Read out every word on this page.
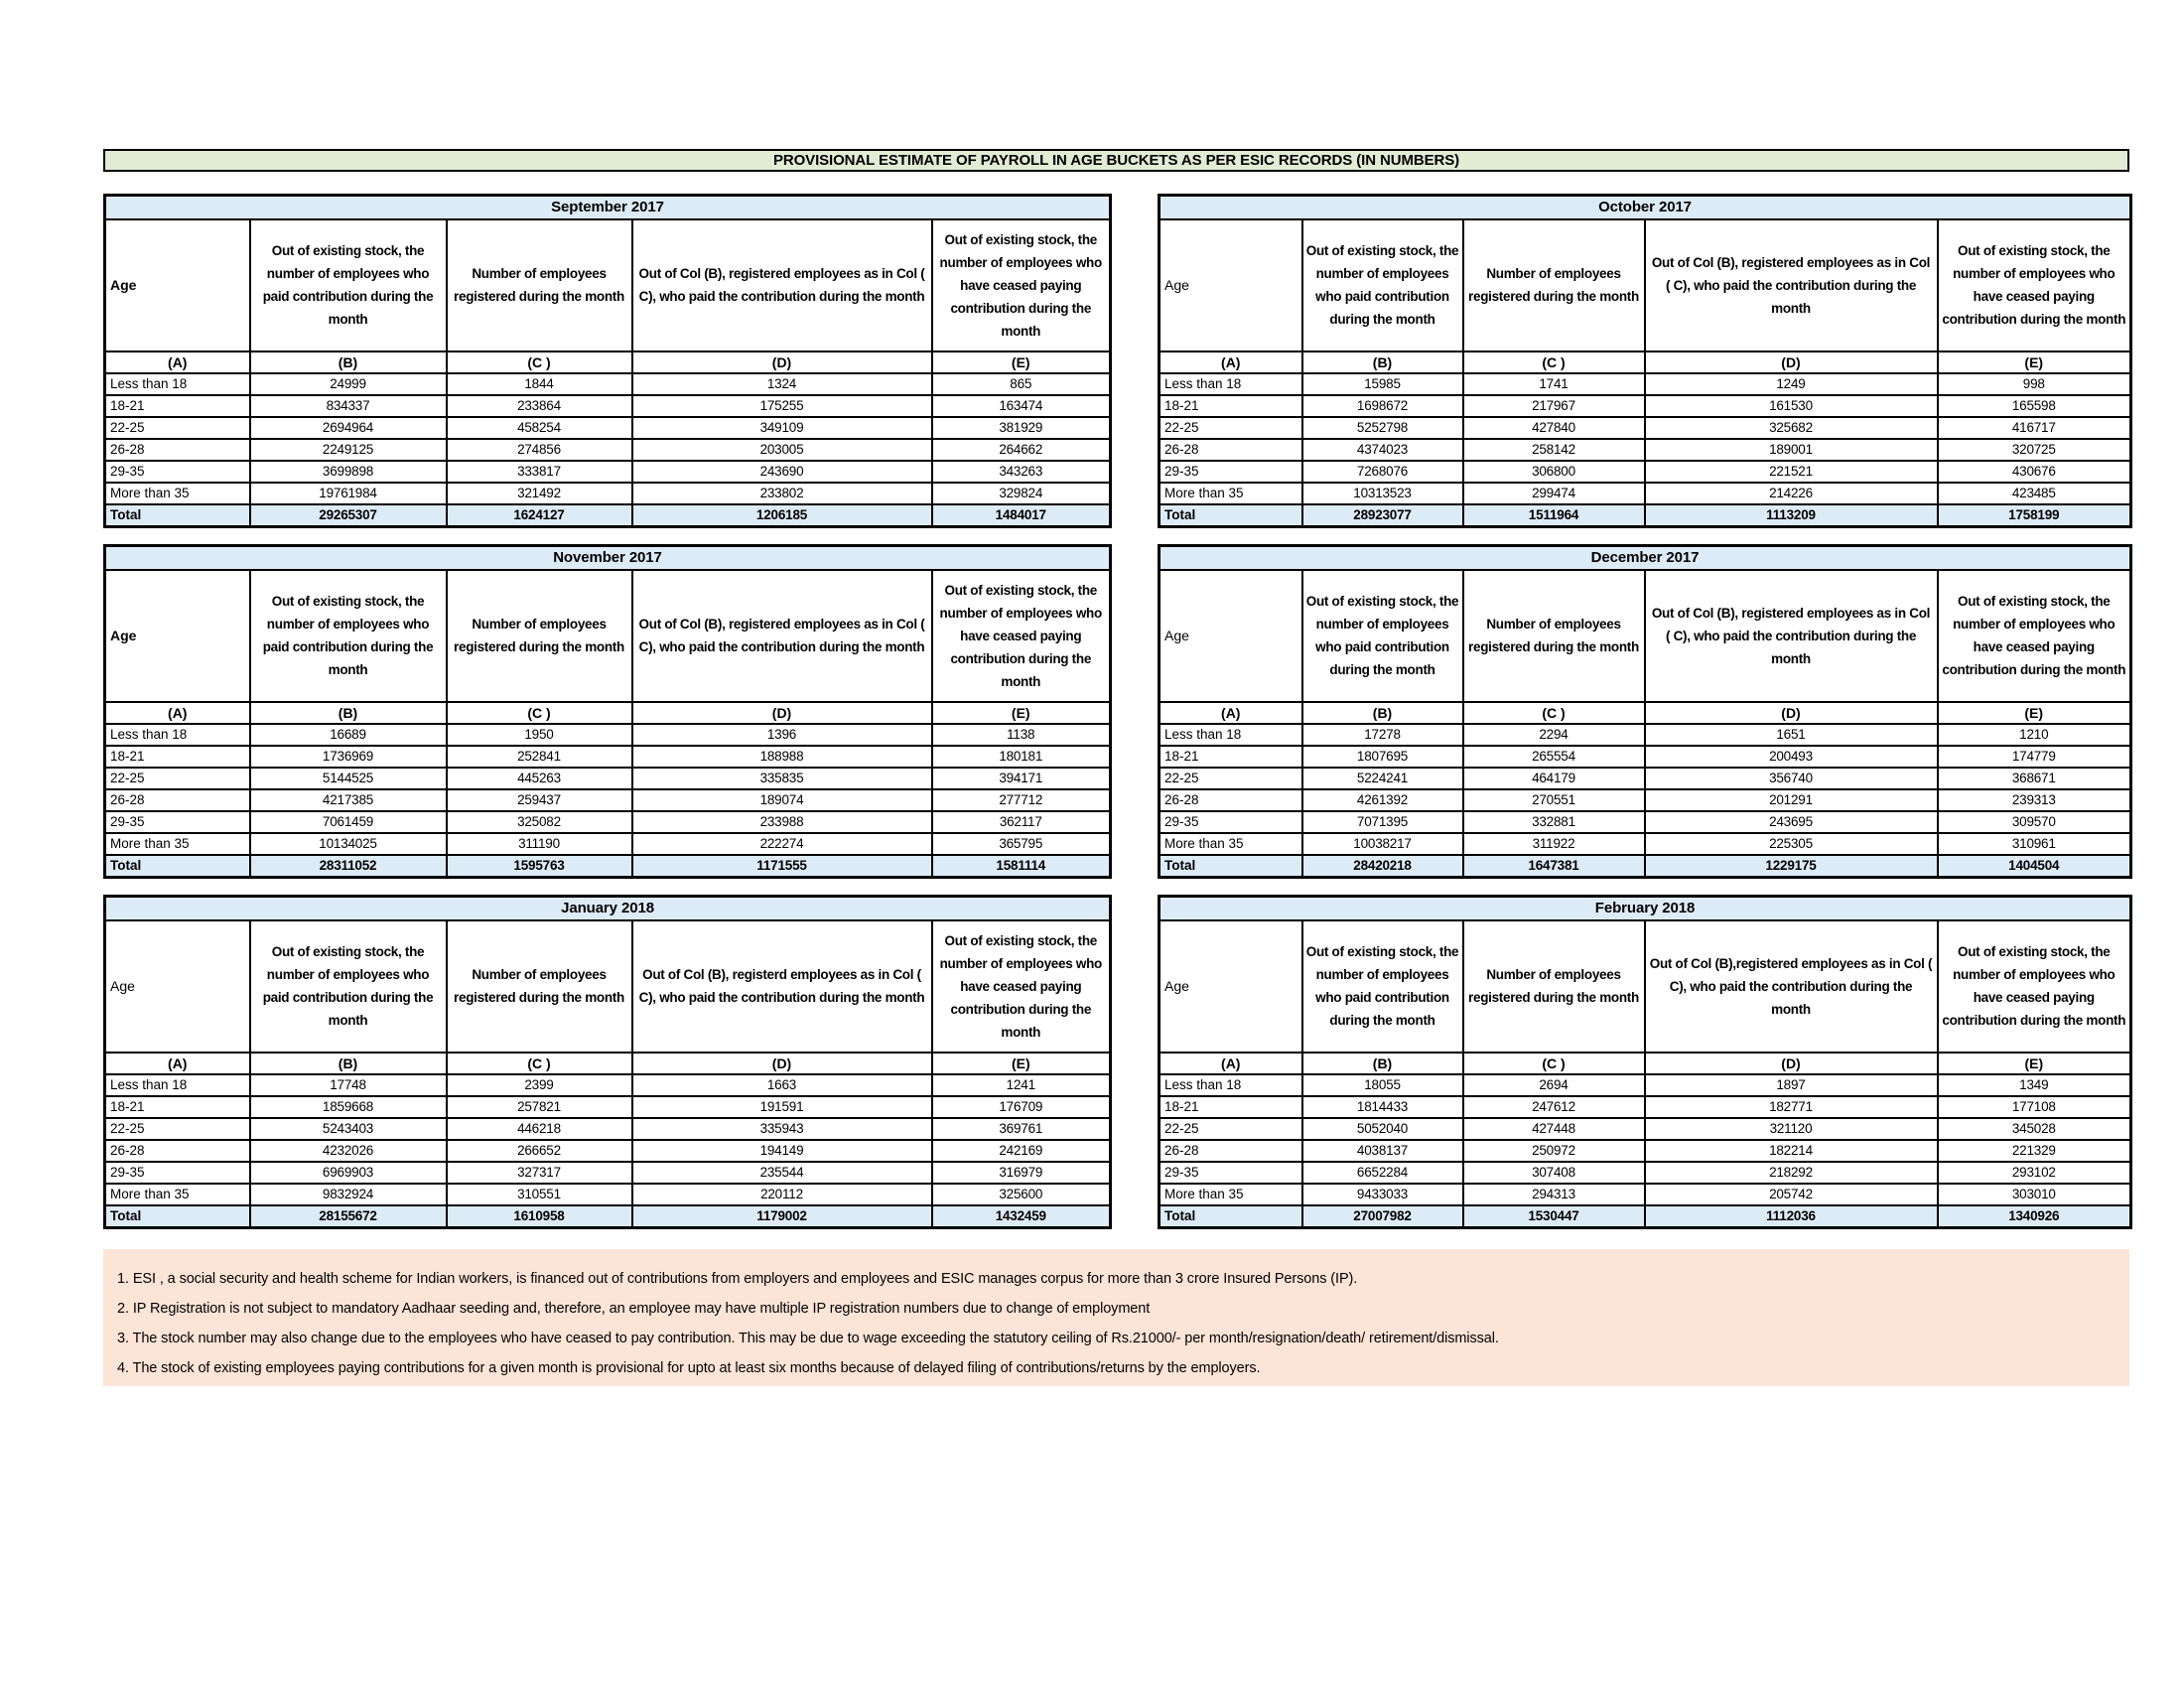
PROVISIONAL ESTIMATE OF PAYROLL IN AGE BUCKETS AS PER ESIC RECORDS (IN NUMBERS)
September 2017				
Age	Out of existing stock, the number of employees who paid contribution during the month	Number of employees registered during the month	Out of Col (B), registered employees as in Col ( C), who paid the contribution during the month	Out of existing stock, the number of employees who have ceased paying contribution during the month
(A)	(B)	(C )	(D)	(E)
Less than 18	24999	1844	1324	865
18-21	834337	233864	175255	163474
22-25	2694964	458254	349109	381929
26-28	2249125	274856	203005	264662
29-35	3699898	333817	243690	343263
More than 35	19761984	321492	233802	329824
Total	29265307	1624127	1206185	1484017
October 2017				
Age	Out of existing stock, the number of employees who paid contribution during the month	Number of employees registered during the month	Out of Col (B), registered employees as in Col ( C), who paid the contribution during the month	Out of existing stock, the number of employees who have ceased paying contribution during the month
(A)	(B)	(C )	(D)	(E)
Less than 18	15985	1741	1249	998
18-21	1698672	217967	161530	165598
22-25	5252798	427840	325682	416717
26-28	4374023	258142	189001	320725
29-35	7268076	306800	221521	430676
More than 35	10313523	299474	214226	423485
Total	28923077	1511964	1113209	1758199
November 2017				
Age	Out of existing stock, the number of employees who paid contribution during the month	Number of employees registered during the month	Out of Col (B), registered employees as in Col ( C), who paid the contribution during the month	Out of existing stock, the number of employees who have ceased paying contribution during the month
(A)	(B)	(C )	(D)	(E)
Less than 18	16689	1950	1396	1138
18-21	1736969	252841	188988	180181
22-25	5144525	445263	335835	394171
26-28	4217385	259437	189074	277712
29-35	7061459	325082	233988	362117
More than 35	10134025	311190	222274	365795
Total	28311052	1595763	1171555	1581114
December 2017				
Age	Out of existing stock, the number of employees who paid contribution during the month	Number of employees registered during the month	Out of Col (B), registered employees as in Col ( C), who paid the contribution during the month	Out of existing stock, the number of employees who have ceased paying contribution during the month
(A)	(B)	(C )	(D)	(E)
Less than 18	17278	2294	1651	1210
18-21	1807695	265554	200493	174779
22-25	5224241	464179	356740	368671
26-28	4261392	270551	201291	239313
29-35	7071395	332881	243695	309570
More than 35	10038217	311922	225305	310961
Total	28420218	1647381	1229175	1404504
January 2018				
Age	Out of existing stock, the number of employees who paid contribution during the month	Number of employees registered during the month	Out of Col (B), registerd employees as in Col ( C), who paid the contribution during the month	Out of existing stock, the number of employees who have ceased paying contribution during the month
(A)	(B)	(C )	(D)	(E)
Less than 18	17748	2399	1663	1241
18-21	1859668	257821	191591	176709
22-25	5243403	446218	335943	369761
26-28	4232026	266652	194149	242169
29-35	6969903	327317	235544	316979
More than 35	9832924	310551	220112	325600
Total	28155672	1610958	1179002	1432459
February 2018				
Age	Out of existing stock, the number of employees who paid contribution during the month	Number of employees registered during the month	Out of Col (B),registered employees as in Col ( C), who paid the contribution during the month	Out of existing stock, the number of employees who have ceased paying contribution during the month
(A)	(B)	(C )	(D)	(E)
Less than 18	18055	2694	1897	1349
18-21	1814433	247612	182771	177108
22-25	5052040	427448	321120	345028
26-28	4038137	250972	182214	221329
29-35	6652284	307408	218292	293102
More than 35	9433033	294313	205742	303010
Total	27007982	1530447	1112036	1340926

1. ESI , a social security and health scheme for Indian workers, is financed out of contributions from employers and employees and ESIC manages corpus for more than 3 crore Insured Persons (IP).

2. IP Registration is not subject to mandatory Aadhaar seeding and, therefore, an employee may have multiple IP registration numbers due to change of employment

3. The stock number may also change due to the employees who have ceased to pay contribution. This may be due to wage exceeding the statutory ceiling of Rs.21000/- per month/resignation/death/ retirement/dismissal.

4. The stock of existing employees paying contributions for a given month is provisional for upto at least six months because of delayed filing of contributions/returns by the employers.
